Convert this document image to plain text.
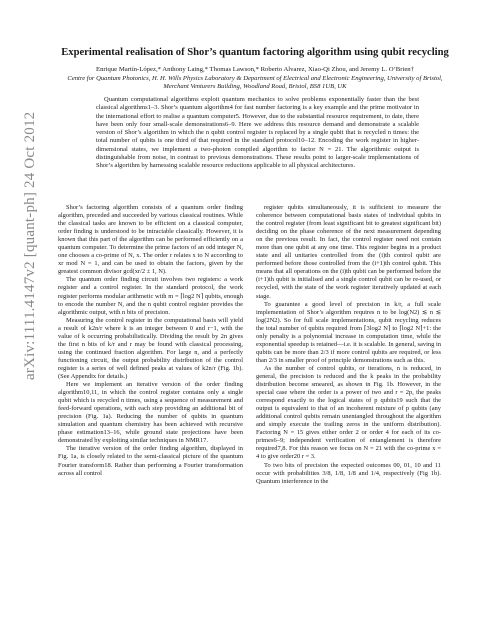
arXiv:1111.4147v2 [quant-ph] 24 Oct 2012
Experimental realisation of Shor’s quantum factoring algorithm using qubit recycling
Enrique Martín-López,* Anthony Laing,* Thomas Lawson,* Roberto Alvarez, Xiao-Qi Zhou, and Jeremy L. O’Brien†
Centre for Quantum Photonics, H. H. Wills Physics Laboratory & Department of Electrical and Electronic Engineering, University of Bristol, Merchant Venturers Building, Woodland Road, Bristol, BS8 1UB, UK
Quantum computational algorithms exploit quantum mechanics to solve problems exponentially faster than the best classical algorithms1–3. Shor’s quantum algorithm4 for fast number factoring is a key example and the prime motivator in the international effort to realise a quantum computer5. However, due to the substantial resource requirement, to date, there have been only four small-scale demonstrations6–9. Here we address this resource demand and demonstrate a scalable version of Shor’s algorithm in which the n qubit control register is replaced by a single qubit that is recycled n times: the total number of qubits is one third of that required in the standard protocol10–12. Encoding the work register in higher-dimensional states, we implement a two-photon compiled algorithm to factor N = 21. The algorithmic output is distinguishable from noise, in contrast to previous demonstrations. These results point to larger-scale implementations of Shor’s algorithm by harnessing scalable resource reductions applicable to all physical architectures.

Shor’s factoring algorithm consists of a quantum order finding algorithm, preceded and succeeded by various classical routines. While the classical tasks are known to be efficient on a classical computer, order finding is understood to be intractable classically. However, it is known that this part of the algorithm can be performed efficiently on a quantum computer. To determine the prime factors of an odd integer N, one chooses a co-prime of N, x. The order r relates x to N according to xr mod N = 1, and can be used to obtain the factors, given by the greatest common divisor gcd(xr/2 ± 1, N).

The quantum order finding circuit involves two registers: a work register and a control register. In the standard protocol, the work register performs modular arithmetic with m = ⌈log2 N⌉ qubits, enough to encode the number N, and the n qubit control register provides the algorithmic output, with n bits of precision.

Measuring the control register in the computational basis will yield a result of k2n/r where k is an integer between 0 and r−1, with the value of k occurring probabilistically. Dividing the result by 2n gives the first n bits of k/r and r may be found with classical processing, using the continued fraction algorithm. For large n, and a perfectly functioning circuit, the output probability distribution of the control register is a series of well defined peaks at values of k2n/r (Fig. 1b). (See Appendix for details.)

Here we implement an iterative version of the order finding algorithm10,11, in which the control register contains only a single qubit which is recycled n times, using a sequence of measurement and feed-forward operations, with each step providing an additional bit of precision (Fig. 1a). Reducing the number of qubits in quantum simulation and quantum chemistry has been achieved with recursive phase estimation13–16, while ground state projections have been demonstrated by exploiting similar techniques in NMR17.

The iterative version of the order finding algorithm, displayed in Fig. 1a, is closely related to the semi-classical picture of the quantum Fourier transform18. Rather than performing a Fourier transformation across all control

register qubits simultaneously, it is sufficient to measure the coherence between computational basis states of individual qubits in the control register (from least significant bit to greatest significant bit) deciding on the phase coherence of the next measurement depending on the previous result. In fact, the control register need not contain more than one qubit at any one time. This register begins in a product state and all unitaries controlled from the (i)th control qubit are performed before those controlled from the (i+1)th control qubit. This means that all operations on the (i)th qubit can be performed before the (i+1)th qubit is initialised and a single control qubit can be re-used, or recycled, with the state of the work register iteratively updated at each stage.

To guarantee a good level of precision in k/r, a full scale implementation of Shor’s algorithm requires n to be log(N2) ≲ n ≲ log(2N2). So for full scale implementations, qubit recycling reduces the total number of qubits required from ⌈3log2 N⌉ to ⌈log2 N⌉+1: the only penalty is a polynomial increase in computation time, while the exponential speedup is retained—i.e. it is scalable. In general, saving in qubits can be more than 2/3 if more control qubits are required, or less than 2/3 in smaller proof of principle demonstrations such as this.

As the number of control qubits, or iterations, n is reduced, in general, the precision is reduced and the k peaks in the probability distribution become smeared, as shown in Fig. 1b. However, in the special case where the order is a power of two and r = 2p, the peaks correspond exactly to the logical states of p qubits19 such that the output is equivalent to that of an incoherent mixture of p qubits (any additional control qubits remain unentangled throughout the algorithm and simply execute the trailing zeros in the uniform distribution). Factoring N = 15 gives either order 2 or order 4 for each of its co-primes6–9; independent verification of entanglement is therefore required7,8. For this reason we focus on N = 21 with the co-prime x = 4 to give order20 r = 3.

To two bits of precision the expected outcomes 00, 01, 10 and 11 occur with probabilities 3/8, 1/8, 1/8 and 1/4, respectively (Fig 1b). Quantum interference in the
